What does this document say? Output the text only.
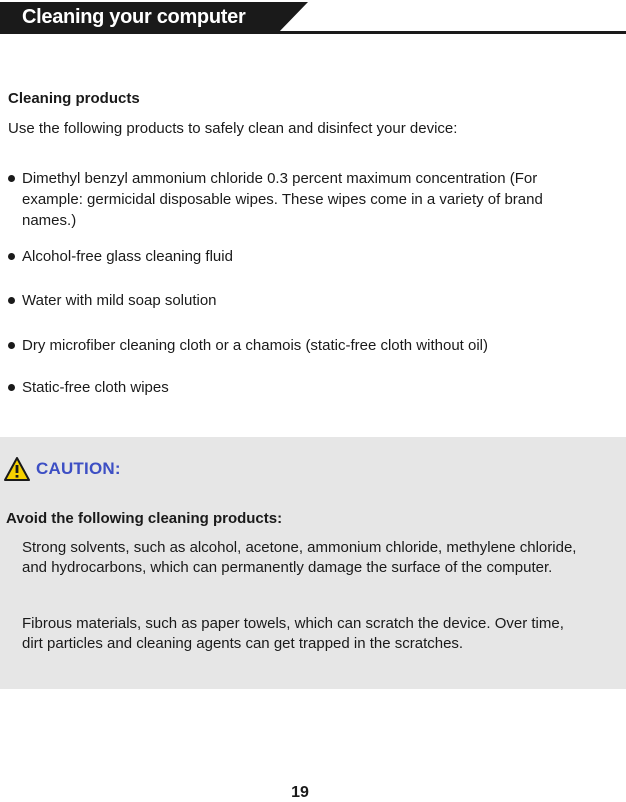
Cleaning your computer
Cleaning products
Use the following products to safely clean and disinfect your device:
Dimethyl benzyl ammonium chloride 0.3 percent maximum concentration (For example: germicidal disposable wipes. These wipes come in a variety of brand names.)
Alcohol-free glass cleaning fluid
Water with mild soap solution
Dry microfiber cleaning cloth or a chamois (static-free cloth without oil)
Static-free cloth wipes
CAUTION:
Avoid the following cleaning products:
Strong solvents, such as alcohol, acetone, ammonium chloride, methylene chloride, and hydrocarbons, which can permanently damage the surface of the computer.
Fibrous materials, such as paper towels, which can scratch the device. Over time, dirt particles and cleaning agents can get trapped in the scratches.
19
